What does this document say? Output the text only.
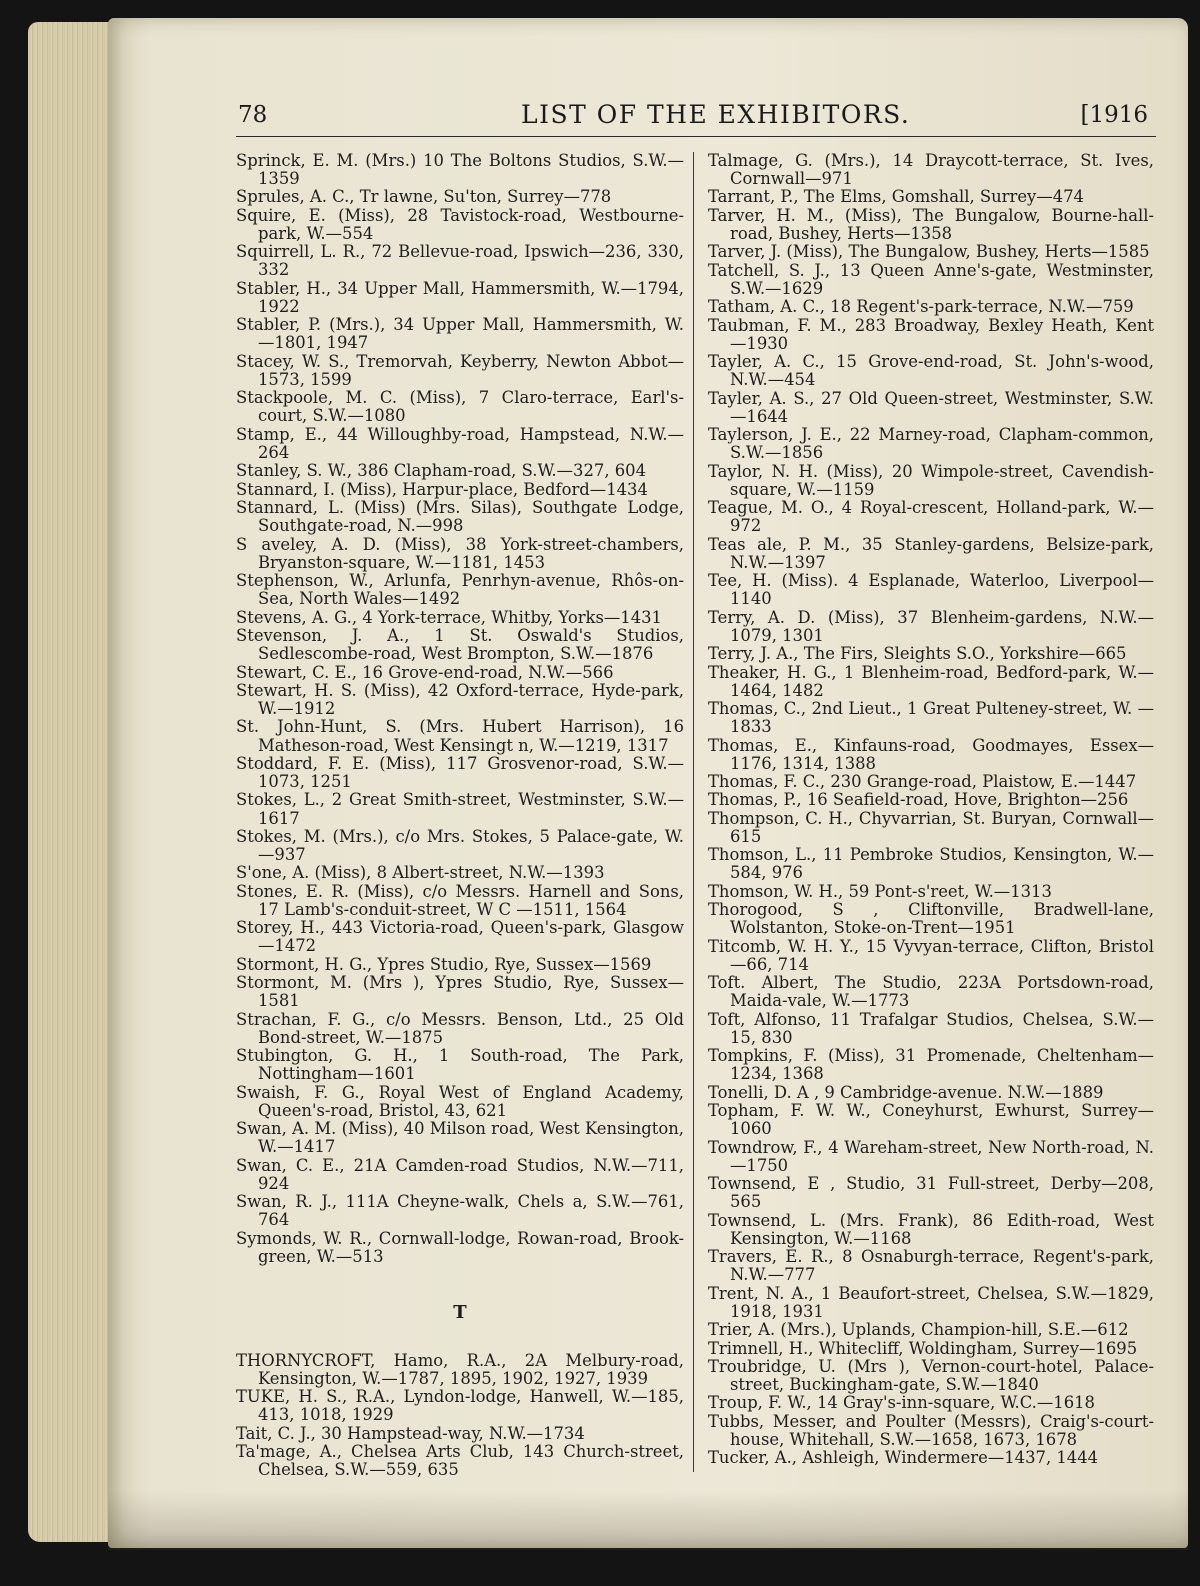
78	LIST OF THE EXHIBITORS.	[1916

Sprinck, E. M. (Mrs.) 10 The Boltons Studios, S.W.—1359

Sprules, A. C., Tr lawne, Su'ton, Surrey—778

Squire, E. (Miss), 28 Tavistock-road, Westbourne-park, W.—554

Squirrell, L. R., 72 Bellevue-road, Ipswich—236, 330, 332

Stabler, H., 34 Upper Mall, Hammersmith, W.—1794, 1922

Stabler, P. (Mrs.), 34 Upper Mall, Hammersmith, W. —1801, 1947

Stacey, W. S., Tremorvah, Keyberry, Newton Abbot—1573, 1599

Stackpoole, M. C. (Miss), 7 Claro-terrace, Earl's-court, S.W.—1080

Stamp, E., 44 Willoughby-road, Hampstead, N.W.—264

Stanley, S. W., 386 Clapham-road, S.W.—327, 604

Stannard, I. (Miss), Harpur-place, Bedford—1434

Stannard, L. (Miss) (Mrs. Silas), Southgate Lodge, Southgate-road, N.—998

S aveley, A. D. (Miss), 38 York-street-chambers, Bryanston-square, W.—1181, 1453

Stephenson, W., Arlunfa, Penrhyn-avenue, Rhôs-on-Sea, North Wales—1492

Stevens, A. G., 4 York-terrace, Whitby, Yorks—1431

Stevenson, J. A., 1 St. Oswald's Studios, Sedlescombe-road, West Brompton, S.W.—1876

Stewart, C. E., 16 Grove-end-road, N.W.—566

Stewart, H. S. (Miss), 42 Oxford-terrace, Hyde-park, W.—1912

St. John-Hunt, S. (Mrs. Hubert Harrison), 16 Matheson-road, West Kensingt n, W.—1219, 1317

Stoddard, F. E. (Miss), 117 Grosvenor-road, S.W.—1073, 1251

Stokes, L., 2 Great Smith-street, Westminster, S.W.—1617

Stokes, M. (Mrs.), c/o Mrs. Stokes, 5 Palace-gate, W. —937

S'one, A. (Miss), 8 Albert-street, N.W.—1393

Stones, E. R. (Miss), c/o Messrs. Harnell and Sons, 17 Lamb's-conduit-street, W C —1511, 1564

Storey, H., 443 Victoria-road, Queen's-park, Glasgow—1472

Stormont, H. G., Ypres Studio, Rye, Sussex—1569

Stormont, M. (Mrs ), Ypres Studio, Rye, Sussex—1581

Strachan, F. G., c/o Messrs. Benson, Ltd., 25 Old Bond-street, W.—1875

Stubington, G. H., 1 South-road, The Park, Nottingham—1601

Swaish, F. G., Royal West of England Academy, Queen's-road, Bristol, 43, 621

Swan, A. M. (Miss), 40 Milson road, West Kensington, W.—1417

Swan, C. E., 21A Camden-road Studios, N.W.—711, 924

Swan, R. J., 111A Cheyne-walk, Chels a, S.W.—761, 764

Symonds, W. R., Cornwall-lodge, Rowan-road, Brook-green, W.—513

T

THORNYCROFT, Hamo, R.A., 2A Melbury-road, Kensington, W.—1787, 1895, 1902, 1927, 1939

TUKE, H. S., R.A., Lyndon-lodge, Hanwell, W.—185, 413, 1018, 1929

Tait, C. J., 30 Hampstead-way, N.W.—1734

Ta'mage, A., Chelsea Arts Club, 143 Church-street, Chelsea, S.W.—559, 635

Talmage, G. (Mrs.), 14 Draycott-terrace, St. Ives, Cornwall—971

Tarrant, P., The Elms, Gomshall, Surrey—474

Tarver, H. M., (Miss), The Bungalow, Bourne-hall-road, Bushey, Herts—1358

Tarver, J. (Miss), The Bungalow, Bushey, Herts—1585

Tatchell, S. J., 13 Queen Anne's-gate, Westminster, S.W.—1629

Tatham, A. C., 18 Regent's-park-terrace, N.W.—759

Taubman, F. M., 283 Broadway, Bexley Heath, Kent —1930

Tayler, A. C., 15 Grove-end-road, St. John's-wood, N.W.—454

Tayler, A. S., 27 Old Queen-street, Westminster, S.W. —1644

Taylerson, J. E., 22 Marney-road, Clapham-common, S.W.—1856

Taylor, N. H. (Miss), 20 Wimpole-street, Cavendish-square, W.—1159

Teague, M. O., 4 Royal-crescent, Holland-park, W.—972

Teas ale, P. M., 35 Stanley-gardens, Belsize-park, N.W.—1397

Tee, H. (Miss). 4 Esplanade, Waterloo, Liverpool—1140

Terry, A. D. (Miss), 37 Blenheim-gardens, N.W.—1079, 1301

Terry, J. A., The Firs, Sleights S.O., Yorkshire—665

Theaker, H. G., 1 Blenheim-road, Bedford-park, W.—1464, 1482

Thomas, C., 2nd Lieut., 1 Great Pulteney-street, W. —1833

Thomas, E., Kinfauns-road, Goodmayes, Essex—1176, 1314, 1388

Thomas, F. C., 230 Grange-road, Plaistow, E.—1447

Thomas, P., 16 Seafield-road, Hove, Brighton—256

Thompson, C. H., Chyvarrian, St. Buryan, Cornwall—615

Thomson, L., 11 Pembroke Studios, Kensington, W.—584, 976

Thomson, W. H., 59 Pont-s'reet, W.—1313

Thorogood, S , Cliftonville, Bradwell-lane, Wolstanton, Stoke-on-Trent—1951

Titcomb, W. H. Y., 15 Vyvyan-terrace, Clifton, Bristol —66, 714

Toft. Albert, The Studio, 223A Portsdown-road, Maida-vale, W.—1773

Toft, Alfonso, 11 Trafalgar Studios, Chelsea, S.W.—15, 830

Tompkins, F. (Miss), 31 Promenade, Cheltenham—1234, 1368

Tonelli, D. A , 9 Cambridge-avenue. N.W.—1889

Topham, F. W. W., Coneyhurst, Ewhurst, Surrey—1060

Towndrow, F., 4 Wareham-street, New North-road, N. —1750

Townsend, E , Studio, 31 Full-street, Derby—208, 565

Townsend, L. (Mrs. Frank), 86 Edith-road, West Kensington, W.—1168

Travers, E. R., 8 Osnaburgh-terrace, Regent's-park, N.W.—777

Trent, N. A., 1 Beaufort-street, Chelsea, S.W.—1829, 1918, 1931

Trier, A. (Mrs.), Uplands, Champion-hill, S.E.—612

Trimnell, H., Whitecliff, Woldingham, Surrey—1695

Troubridge, U. (Mrs ), Vernon-court-hotel, Palace-street, Buckingham-gate, S.W.—1840

Troup, F. W., 14 Gray's-inn-square, W.C.—1618

Tubbs, Messer, and Poulter (Messrs), Craig's-court-house, Whitehall, S.W.—1658, 1673, 1678

Tucker, A., Ashleigh, Windermere—1437, 1444
